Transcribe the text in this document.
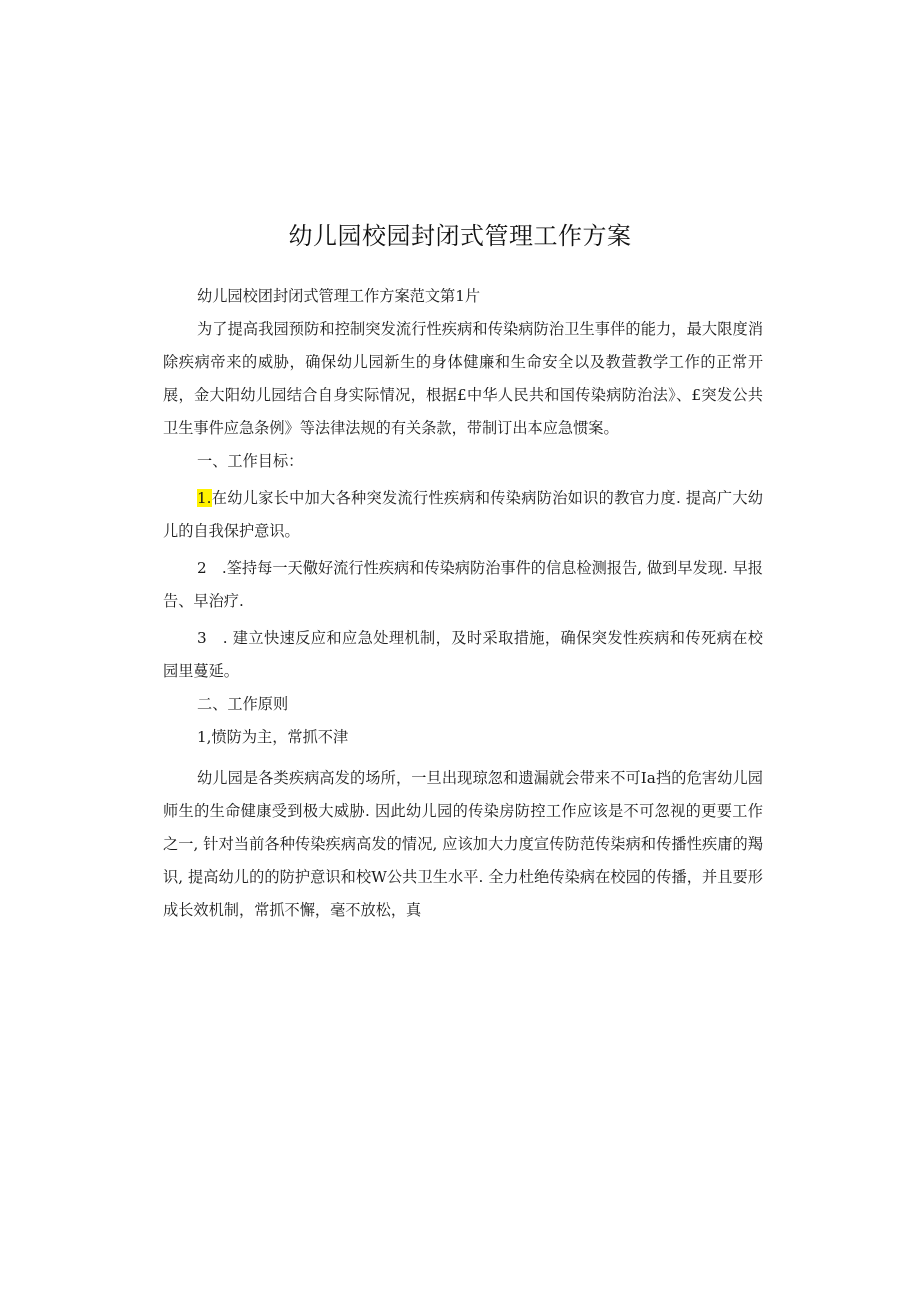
幼儿园校园封闭式管理工作方案

幼儿园校团封闭式管理工作方案范文第1片

为了提高我园预防和控制突发流行性疾病和传染病防治卫生事伴的能力，最大限度消除疾病帝来的威胁，确保幼儿园新生的身体健廉和生命安全以及教萱教学工作的正常开展，金大阳幼儿园结合自身实际情况，根据£中华人民共和国传染病防治法》、£突发公共卫生事件应急条例》等法律法规的有关条款，带制订出本应急惯案。

一、工作目标：

1.在幼儿家长中加大各种突发流行性疾病和传染病防治如识的教官力度. 提高广大幼儿的自我保护意识。

2　.筌持每一天儆好流行性疾病和传染病防治事件的信息检测报告, 做到早发现. 早报告、早治疗.

3　. 建立快速反应和应急处理机制，及时采取措施，确保突发性疾病和传死病在校园里蔓延。

二、工作原则

1,愤防为主，常抓不津

幼儿园是各类疾病高发的场所，一旦出现琼忽和遗漏就会带来不可Ia挡的危害幼儿园师生的生命健康受到极大威胁. 因此幼儿园的传染房防控工作应该是不可忽视的更要工作之一, 针对当前各种传染疾病高发的情况, 应该加大力度宣传防范传柒病和传播性疾庸的羯识, 提高幼儿的的防护意识和校W公共卫生水平. 全力杜绝传染病在校园的传播，并且要形成长效机制，常抓不懈，毫不放松，真
